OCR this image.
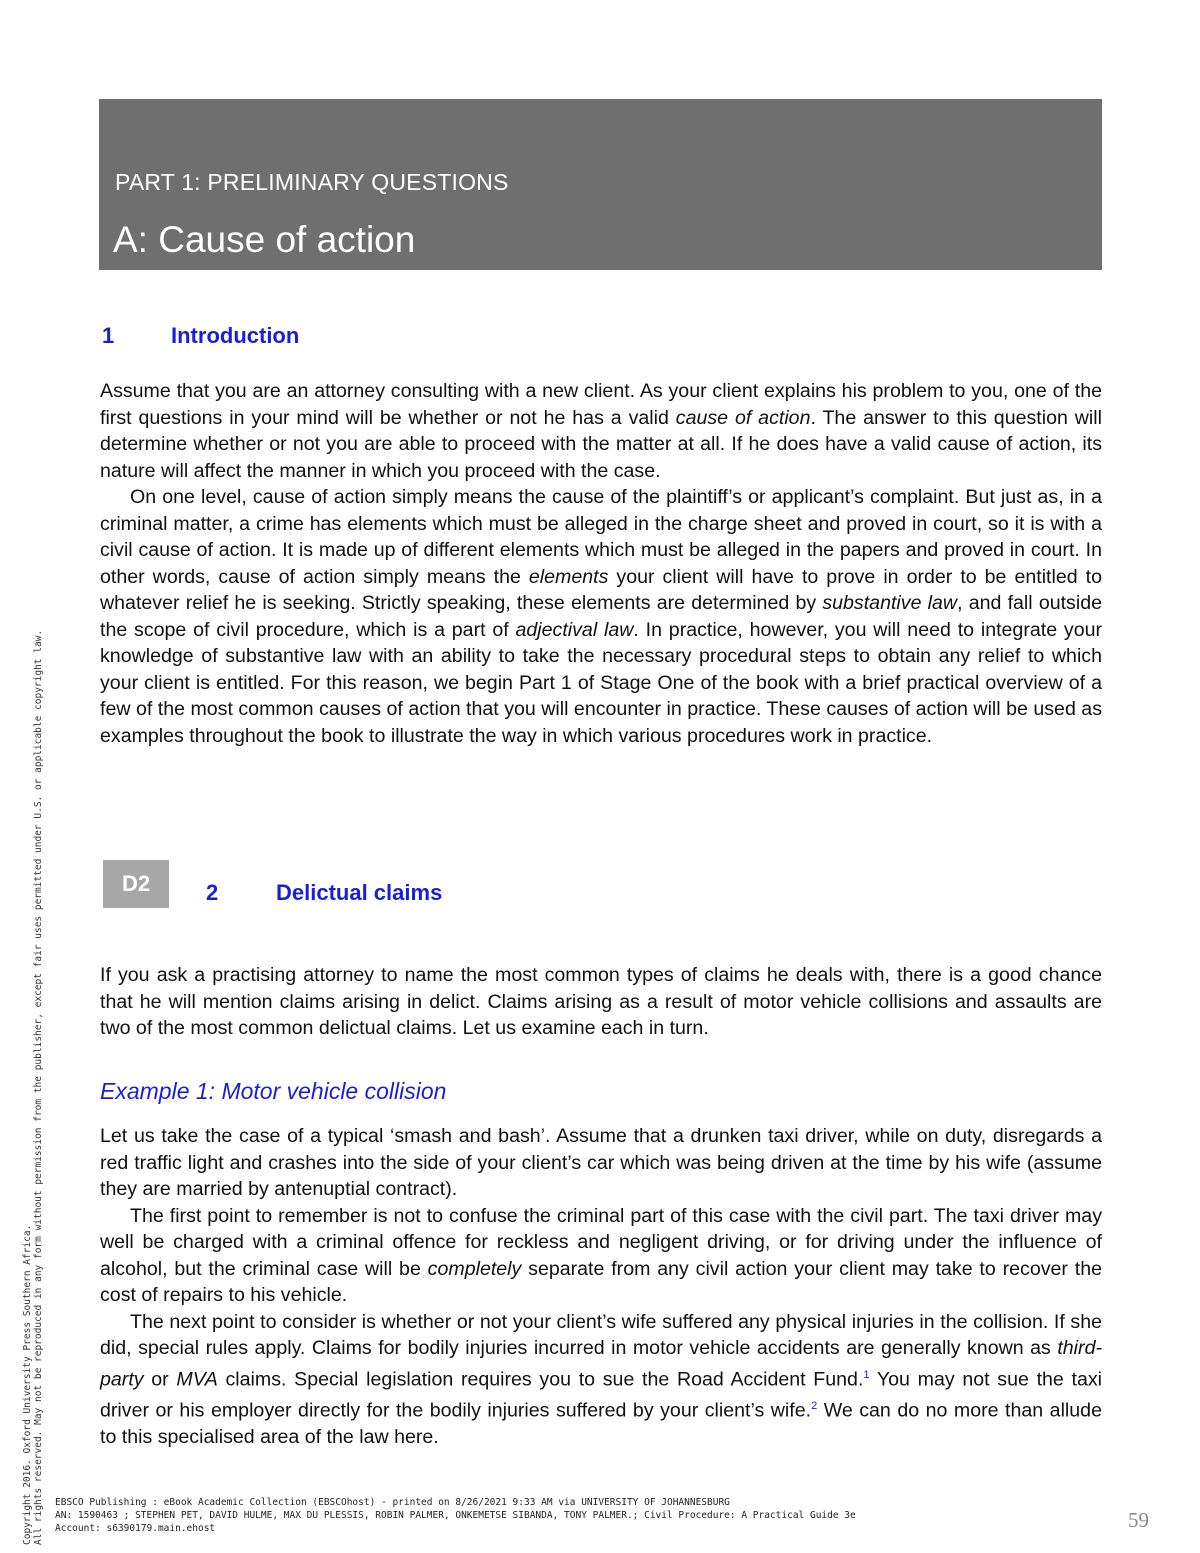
PART 1: PRELIMINARY QUESTIONS
A: Cause of action
1	Introduction

Assume that you are an attorney consulting with a new client. As your client explains his problem to you, one of the first questions in your mind will be whether or not he has a valid cause of action. The answer to this question will determine whether or not you are able to proceed with the matter at all. If he does have a valid cause of action, its nature will affect the manner in which you proceed with the case.

On one level, cause of action simply means the cause of the plaintiff’s or applicant’s complaint. But just as, in a criminal matter, a crime has elements which must be alleged in the charge sheet and proved in court, so it is with a civil cause of action. It is made up of different elements which must be alleged in the papers and proved in court. In other words, cause of action simply means the elements your client will have to prove in order to be entitled to whatever relief he is seeking. Strictly speaking, these elements are determined by substantive law, and fall outside the scope of civil procedure, which is a part of adjectival law. In practice, however, you will need to integrate your knowledge of substantive law with an ability to take the necessary procedural steps to obtain any relief to which your client is entitled. For this reason, we begin Part 1 of Stage One of the book with a brief practical overview of a few of the most common causes of action that you will encounter in practice. These causes of action will be used as examples throughout the book to illustrate the way in which various procedures work in practice.

D2	2	Delictual claims

If you ask a practising attorney to name the most common types of claims he deals with, there is a good chance that he will mention claims arising in delict. Claims arising as a result of motor vehicle collisions and assaults are two of the most common delictual claims. Let us examine each in turn.

Example 1: Motor vehicle collision

Let us take the case of a typical ‘smash and bash’. Assume that a drunken taxi driver, while on duty, disregards a red traffic light and crashes into the side of your client’s car which was being driven at the time by his wife (assume they are married by antenuptial contract).

The first point to remember is not to confuse the criminal part of this case with the civil part. The taxi driver may well be charged with a criminal offence for reckless and negligent driving, or for driving under the influence of alcohol, but the criminal case will be completely separate from any civil action your client may take to recover the cost of repairs to his vehicle.

The next point to consider is whether or not your client’s wife suffered any physical injuries in the collision. If she did, special rules apply. Claims for bodily injuries incurred in motor vehicle accidents are generally known as third-party or MVA claims. Special legislation requires you to sue the Road Accident Fund.$^1$ You may not sue the taxi driver or his employer directly for the bodily injuries suffered by your client’s wife.$^2$ We can do no more than allude to this specialised area of the law here.

Copyright 2016. Oxford University Press Southern Africa. All rights reserved. May not be reproduced in any form without permission from the publisher, except fair uses permitted under U.S. or applicable copyright law. EBSCO Publishing : eBook Academic Collection (EBSCOhost) - printed on 8/26/2021 9:33 AM via UNIVERSITY OF JOHANNESBURG
AN: 1590463 ; STEPHEN PET, DAVID HULME, MAX DU PLESSIS, ROBIN PALMER, ONKEMETSE SIBANDA, TONY PALMER.; Civil Procedure: A Practical Guide 3e
Account: s6390179.main.ehost	59
